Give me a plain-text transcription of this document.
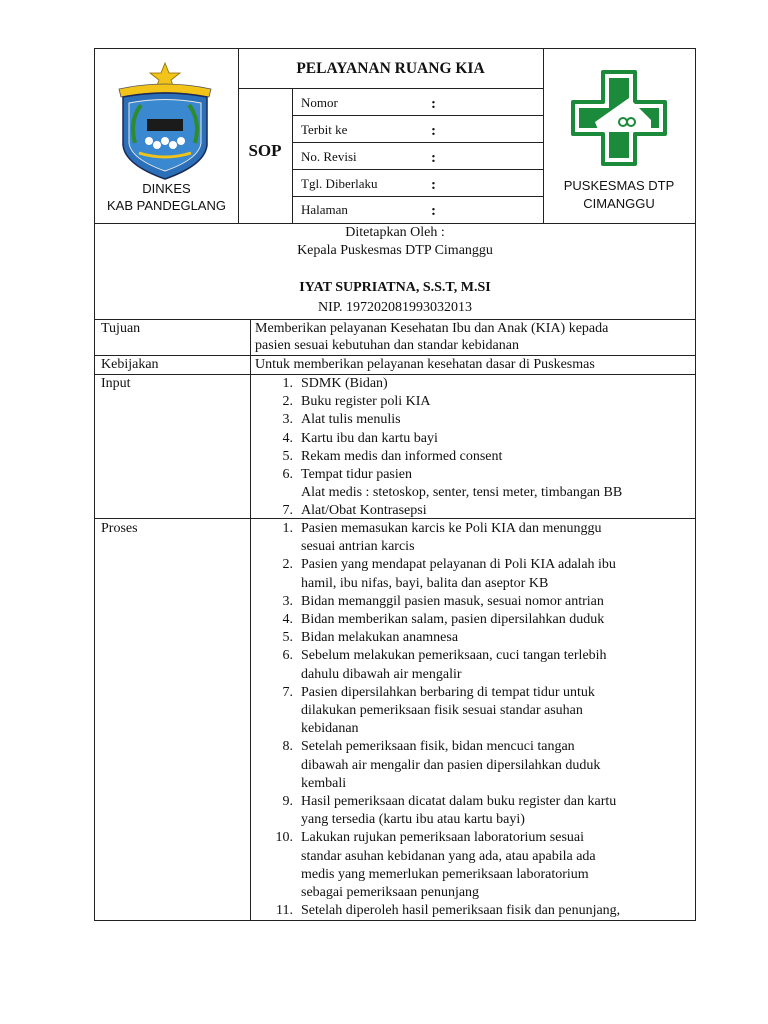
DINKES
KAB PANDEGLANG
PELAYANAN RUANG KIA
SOP
Nomor	:
Terbit ke	:
No. Revisi	:
Tgl. Diberlaku	:
Halaman	:
PUSKESMAS DTP
CIMANGGU
Ditetapkan Oleh :
Kepala Puskesmas DTP Cimanggu
IYAT SUPRIATNA, S.S.T, M.SI
NIP. 197202081993032013
Tujuan	Memberikan pelayanan Kesehatan Ibu dan Anak (KIA) kepada
pasien sesuai kebutuhan dan standar kebidanan
Kebijakan	Untuk memberikan pelayanan kesehatan dasar di Puskesmas
Input	1. SDMK (Bidan)
2. Buku register poli KIA
3. Alat tulis menulis
4. Kartu ibu dan kartu bayi
5. Rekam medis dan informed consent
6. Tempat tidur pasien
Alat medis : stetoskop, senter, tensi meter, timbangan BB
7. Alat/Obat Kontrasepsi
Proses	1. Pasien memasukan karcis ke Poli KIA dan menunggu
sesuai antrian karcis
2. Pasien yang mendapat pelayanan di Poli KIA adalah ibu
hamil, ibu nifas, bayi, balita dan aseptor KB
3. Bidan memanggil pasien masuk, sesuai nomor antrian
4. Bidan memberikan salam, pasien dipersilahkan duduk
5. Bidan melakukan anamnesa
6. Sebelum melakukan pemeriksaan, cuci tangan terlebih
dahulu dibawah air mengalir
7. Pasien dipersilahkan berbaring di tempat tidur untuk
dilakukan pemeriksaan fisik sesuai standar asuhan
kebidanan
8. Setelah pemeriksaan fisik, bidan mencuci tangan
dibawah air mengalir dan pasien dipersilahkan duduk
kembali
9. Hasil pemeriksaan dicatat dalam buku register dan kartu
yang tersedia (kartu ibu atau kartu bayi)
10. Lakukan rujukan pemeriksaan laboratorium sesuai
standar asuhan kebidanan yang ada, atau apabila ada
medis yang memerlukan pemeriksaan laboratorium
sebagai pemeriksaan penunjang
11. Setelah diperoleh hasil pemeriksaan fisik dan penunjang,
